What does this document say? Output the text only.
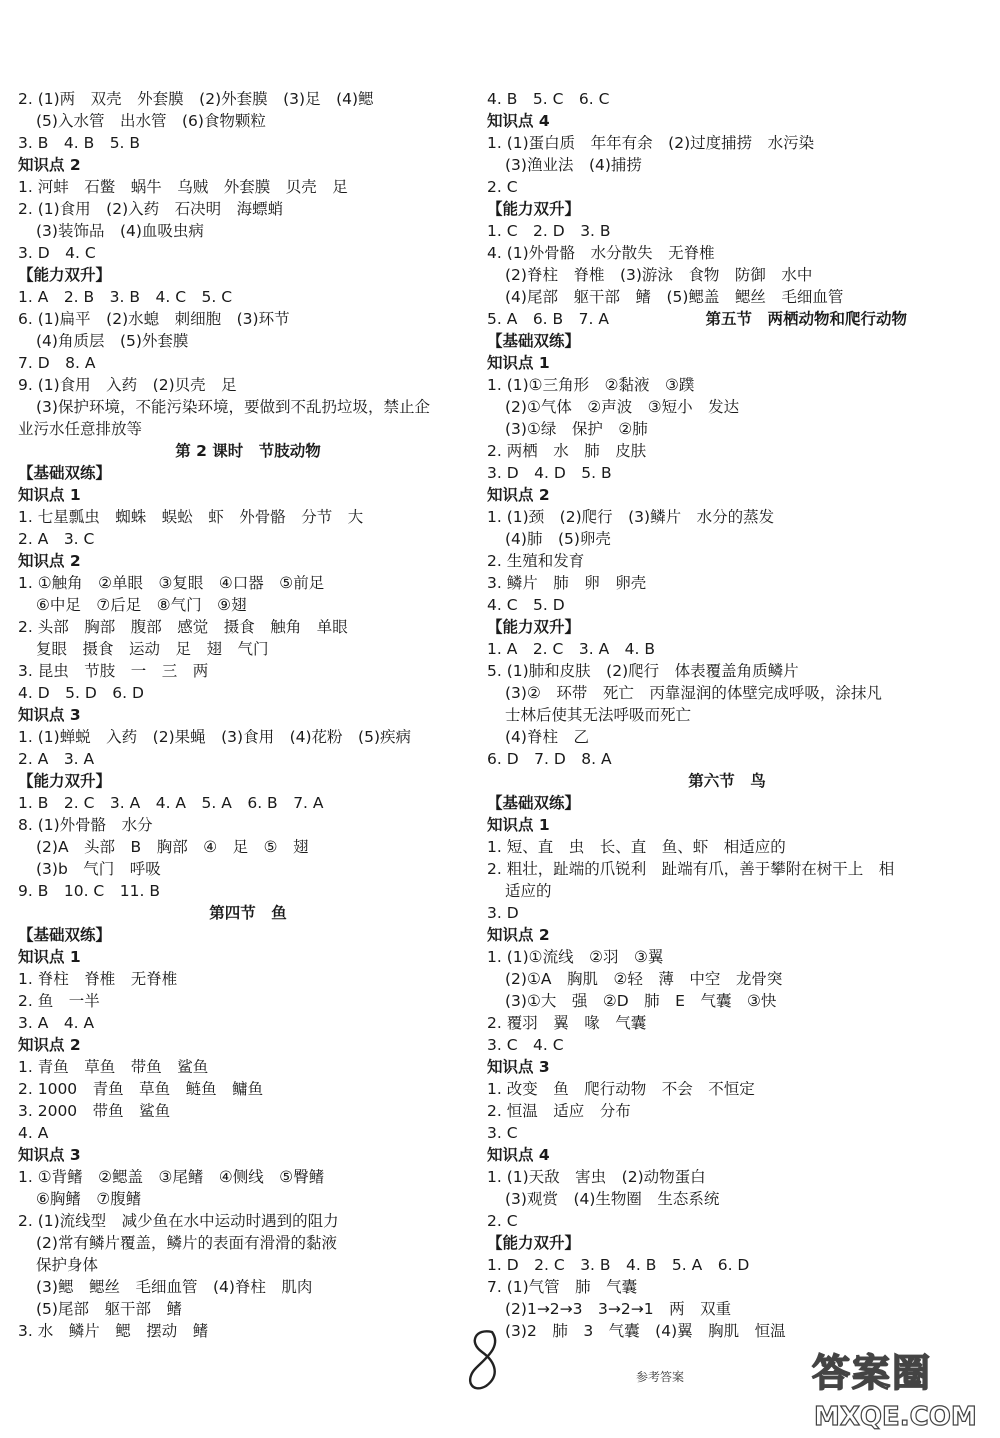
2. (1)两　双壳　外套膜　(2)外套膜　(3)足　(4)鳃
(5)入水管　出水管　(6)食物颗粒
3. B　4. B　5. B
知识点 2
1. 河蚌　石鳖　蜗牛　乌贼　外套膜　贝壳　足
2. (1)食用　(2)入药　石决明　海螵蛸
(3)装饰品　(4)血吸虫病
3. D　4. C
【能力双升】
1. A　2. B　3. B　4. C　5. C
6. (1)扁平　(2)水螅　刺细胞　(3)环节
(4)角质层　(5)外套膜
7. D　8. A
9. (1)食用　入药　(2)贝壳　足
(3)保护环境，不能污染环境，要做到不乱扔垃圾，禁止企
业污水任意排放等
第 2 课时　节肢动物
【基础双练】
知识点 1
1. 七星瓢虫　蜘蛛　蜈蚣　虾　外骨骼　分节　大
2. A　3. C
知识点 2
1. ①触角　②单眼　③复眼　④口器　⑤前足
⑥中足　⑦后足　⑧气门　⑨翅
2. 头部　胸部　腹部　感觉　摄食　触角　单眼
复眼　摄食　运动　足　翅　气门
3. 昆虫　节肢　一　三　两
4. D　5. D　6. D
知识点 3
1. (1)蝉蜕　入药　(2)果蝇　(3)食用　(4)花粉　(5)疾病
2. A　3. A
【能力双升】
1. B　2. C　3. A　4. A　5. A　6. B　7. A
8. (1)外骨骼　水分
(2)A　头部　B　胸部　④　足　⑤　翅
(3)b　气门　呼吸
9. B　10. C　11. B
第四节　鱼
【基础双练】
知识点 1
1. 脊柱　脊椎　无脊椎
2. 鱼　一半
3. A　4. A
知识点 2
1. 青鱼　草鱼　带鱼　鲨鱼
2. 1000　青鱼　草鱼　鲢鱼　鳙鱼
3. 2000　带鱼　鲨鱼
4. A
知识点 3
1. ①背鳍　②鳃盖　③尾鳍　④侧线　⑤臀鳍
⑥胸鳍　⑦腹鳍
2. (1)流线型　减少鱼在水中运动时遇到的阻力
(2)常有鳞片覆盖，鳞片的表面有滑滑的黏液
保护身体
(3)鳃　鳃丝　毛细血管　(4)脊柱　肌肉
(5)尾部　躯干部　鳍
3. 水　鳞片　鳃　摆动　鳍
4. B　5. C　6. C
知识点 4
1. (1)蛋白质　年年有余　(2)过度捕捞　水污染
(3)渔业法　(4)捕捞
2. C
【能力双升】
1. C　2. D　3. B
4. (1)外骨骼　水分散失　无脊椎
(2)脊柱　脊椎　(3)游泳　食物　防御　水中
(4)尾部　躯干部　鳍　(5)鳃盖　鳃丝　毛细血管
5. A　6. B　7. A	第五节　两栖动物和爬行动物
【基础双练】
知识点 1
1. (1)①三角形　②黏液　③蹼
(2)①气体　②声波　③短小　发达
(3)①绿　保护　②肺
2. 两栖　水　肺　皮肤
3. D　4. D　5. B
知识点 2
1. (1)颈　(2)爬行　(3)鳞片　水分的蒸发
(4)肺　(5)卵壳
2. 生殖和发育
3. 鳞片　肺　卵　卵壳
4. C　5. D
【能力双升】
1. A　2. C　3. A　4. B
5. (1)肺和皮肤　(2)爬行　体表覆盖角质鳞片
(3)②　环带　死亡　丙靠湿润的体壁完成呼吸，涂抹凡
士林后使其无法呼吸而死亡
(4)脊柱　乙
6. D　7. D　8. A
第六节　鸟
【基础双练】
知识点 1
1. 短、直　虫　长、直　鱼、虾　相适应的
2. 粗壮，趾端的爪锐利　趾端有爪，善于攀附在树干上　相
适应的
3. D
知识点 2
1. (1)①流线　②羽　③翼
(2)①A　胸肌　②轻　薄　中空　龙骨突
(3)①大　强　②D　肺　E　气囊　③快
2. 覆羽　翼　喙　气囊
3. C　4. C
知识点 3
1. 改变　鱼　爬行动物　不会　不恒定
2. 恒温　适应　分布
3. C
知识点 4
1. (1)天敌　害虫　(2)动物蛋白
(3)观赏　(4)生物圈　生态系统
2. C
【能力双升】
1. D　2. C　3. B　4. B　5. A　6. D
7. (1)气管　肺　气囊
(2)1→2→3　3→2→1　两　双重
(3)2　肺　3　气囊　(4)翼　胸肌　恒温
参考答案	答案圈
MXQE.COM
